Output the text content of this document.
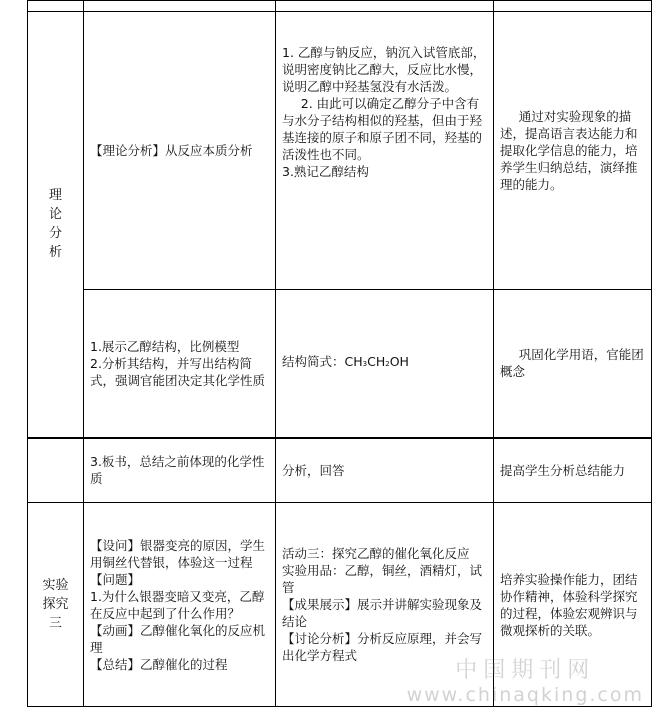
理
论
分
析	【理论分析】从反应本质分析	1. 乙醇与钠反应，钠沉入试管底部，说明密度钠比乙醇大，反应比水慢，说明乙醇中羟基氢没有水活泼。
2. 由此可以确定乙醇分子中含有与水分子结构相似的羟基，但由于羟基连接的原子和原子团不同，羟基的活泼性也不同。
3.熟记乙醇结构	通过对实验现象的描述，提高语言表达能力和提取化学信息的能力，培养学生归纳总结，演绎推理的能力。

	1.展示乙醇结构，比例模型
2.分析其结构，并写出结构简式，强调官能团决定其化学性质	结构简式：CH3CH2OH	巩固化学用语，官能团概念
	3.板书，总结之前体现的化学性质	分析，回答	提高学生分析总结能力

实验
探究
三	【设问】银器变亮的原因，学生用铜丝代替银，体验这一过程
【问题】
1.为什么银器变暗又变亮，乙醇在反应中起到了什么作用？
【动画】乙醇催化氧化的反应机理
【总结】乙醇催化的过程	活动三：探究乙醇的催化氧化反应
实验用品：乙醇，铜丝，酒精灯，试管
【成果展示】展示并讲解实验现象及结论
【讨论分析】分析反应原理，并会写出化学方程式	培养实验操作能力，团结协作精神，体验科学探究的过程，体验宏观辨识与微观探析的关联。
中国期刊网
www.chinaqking.com
